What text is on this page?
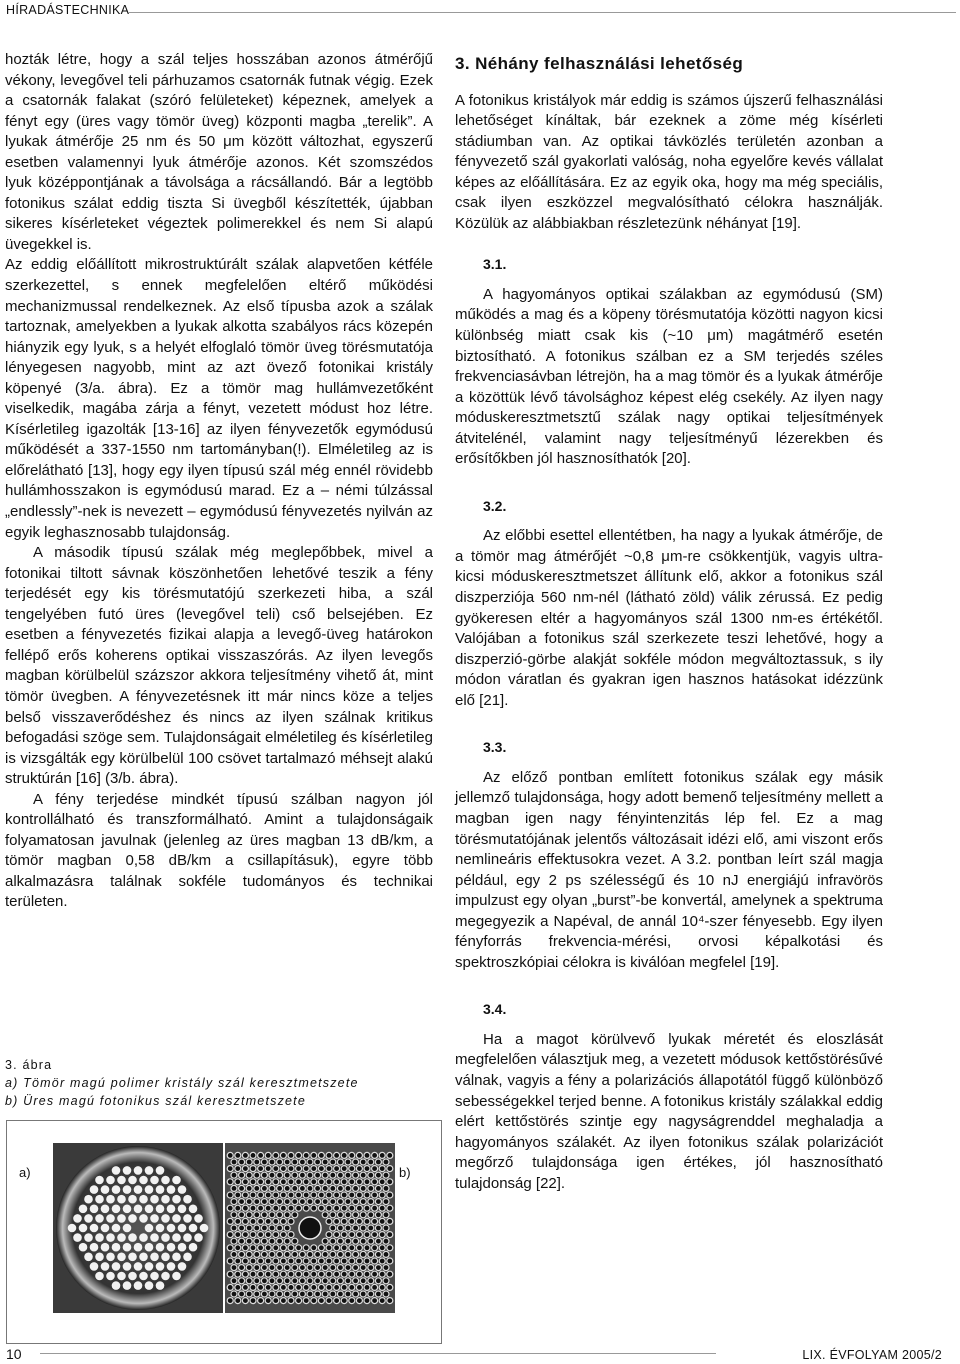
HÍRADÁSTECHNIKA

hozták létre, hogy a szál teljes hosszában azonos átmérőjű vékony, levegővel teli párhuzamos csatornák futnak végig. Ezek a csatornák falakat (szóró felületeket) képeznek, amelyek a fényt egy (üres vagy tömör üveg) központi magba „terelik”. A lyukak átmérője 25 nm és 50 μm között változhat, egyszerű esetben valamennyi lyuk átmérője azonos. Két szomszédos lyuk középpontjának a távolsága a rácsállandó. Bár a legtöbb fotonikus szálat eddig tiszta Si üvegből készítették, újabban sikeres kísérleteket végeztek polimerekkel és nem Si alapú üvegekkel is.

Az eddig előállított mikrostruktúrált szálak alapvetően kétféle szerkezettel, s ennek megfelelően eltérő működési mechanizmussal rendelkeznek. Az első típusba azok a szálak tartoznak, amelyekben a lyukak alkotta szabályos rács közepén hiányzik egy lyuk, s a helyét elfoglaló tömör üveg törésmutatója lényegesen nagyobb, mint az azt övező fotonikai kristály köpenyé (3/a. ábra). Ez a tömör mag hullámvezetőként viselkedik, magába zárja a fényt, vezetett módust hoz létre. Kísérletileg igazolták [13-16] az ilyen fényvezetők egymódusú működését a 337-1550 nm tartományban(!). Elméletileg az is előrelátható [13], hogy egy ilyen típusú szál még ennél rövidebb hullámhosszakon is egymódusú marad. Ez a – némi túlzással „endlessly”-nek is nevezett – egymódusú fényvezetés nyilván az egyik leghasznosabb tulajdonság.

A második típusú szálak még meglepőbbek, mivel a fotonikai tiltott sávnak köszönhetően lehetővé teszik a fény terjedését egy kis törésmutatójú szerkezeti hiba, a szál tengelyében futó üres (levegővel teli) cső belsejében. Ez esetben a fényvezetés fizikai alapja a levegő-üveg határokon fellépő erős koherens optikai visszaszórás. Az ilyen levegős magban körülbelül százszor akkora teljesítmény vihető át, mint tömör üvegben. A fényvezetésnek itt már nincs köze a teljes belső visszaverődéshez és nincs az ilyen szálnak kritikus befogadási szöge sem. Tulajdonságait elméletileg és kísérletileg is vizsgálták egy körülbelül 100 csövet tartalmazó méhsejt alakú struktúrán [16] (3/b. ábra).

A fény terjedése mindkét típusú szálban nagyon jól kontrollálható és transzformálható. Amint a tulajdonságaik folyamatosan javulnak (jelenleg az üres magban 13 dB/km, a tömör magban 0,58 dB/km a csillapításuk), egyre több alkalmazásra találnak sokféle tudományos és technikai területen.

3. ábra
a) Tömör magú polimer kristály szál keresztmetszete
b) Üres magú fotonikus szál keresztmetszete
a)	b)
3. Néhány felhasználási lehetőség

A fotonikus kristályok már eddig is számos újszerű felhasználási lehetőséget kínáltak, bár ezeknek a zöme még kísérleti stádiumban van. Az optikai távközlés területén azonban a fényvezető szál gyakorlati valóság, noha egyelőre kevés vállalat képes az előállítására. Ez az egyik oka, hogy ma még speciális, csak ilyen eszközzel megvalósítható célokra használják. Közülük az alábbiakban részletezünk néhányat [19].

3.1.

A hagyományos optikai szálakban az egymódusú (SM) működés a mag és a köpeny törésmutatója közötti nagyon kicsi különbség miatt csak kis (~10 μm) magátmérő esetén biztosítható. A fotonikus szálban ez a SM terjedés széles frekvenciasávban létrejön, ha a mag tömör és a lyukak átmérője a közöttük lévő távolsághoz képest elég csekély. Az ilyen nagy móduskeresztmetsztű szálak nagy optikai teljesítmények átvitelénél, valamint nagy teljesítményű lézerekben és erősítőkben jól hasznosíthatók [20].

3.2.

Az előbbi esettel ellentétben, ha nagy a lyukak átmérője, de a tömör mag átmérőjét ~0,8 μm-re csökkentjük, vagyis ultra-kicsi móduskeresztmetszet állítunk elő, akkor a fotonikus szál diszperziója 560 nm-nél (látható zöld) válik zérussá. Ez pedig gyökeresen eltér a hagyományos szál 1300 nm-es értékétől. Valójában a fotonikus szál szerkezete teszi lehetővé, hogy a diszperzió-görbe alakját sokféle módon megváltoztassuk, s ily módon váratlan és gyakran igen hasznos hatásokat idézzünk elő [21].

3.3.

Az előző pontban említett fotonikus szálak egy másik jellemző tulajdonsága, hogy adott bemenő teljesítmény mellett a magban igen nagy fényintenzitás lép fel. Ez a mag törésmutatójának jelentős változásait idézi elő, ami viszont erős nemlineáris effektusokra vezet. A 3.2. pontban leírt szál magja például, egy 2 ps szélességű és 10 nJ energiájú infravörös impulzust egy olyan „burst”-be konvertál, amelynek a spektruma megegyezik a Napéval, de annál 10⁴-szer fényesebb. Egy ilyen fényforrás frekvencia-mérési, orvosi képalkotási és spektroszkópiai célokra is kiválóan megfelel [19].

3.4.

Ha a magot körülvevő lyukak méretét és eloszlását megfelelően választjuk meg, a vezetett módusok kettőstörésűvé válnak, vagyis a fény a polarizációs állapotától függő különböző sebességekkel terjed benne. A fotonikus kristály szálakkal eddig elért kettőstörés szintje egy nagyságrenddel meghaladja a hagyományos szálakét. Az ilyen fotonikus szálak polarizációt megőrző tulajdonsága igen értékes, jól hasznosítható tulajdonság [22].

10	LIX. ÉVFOLYAM 2005/2
